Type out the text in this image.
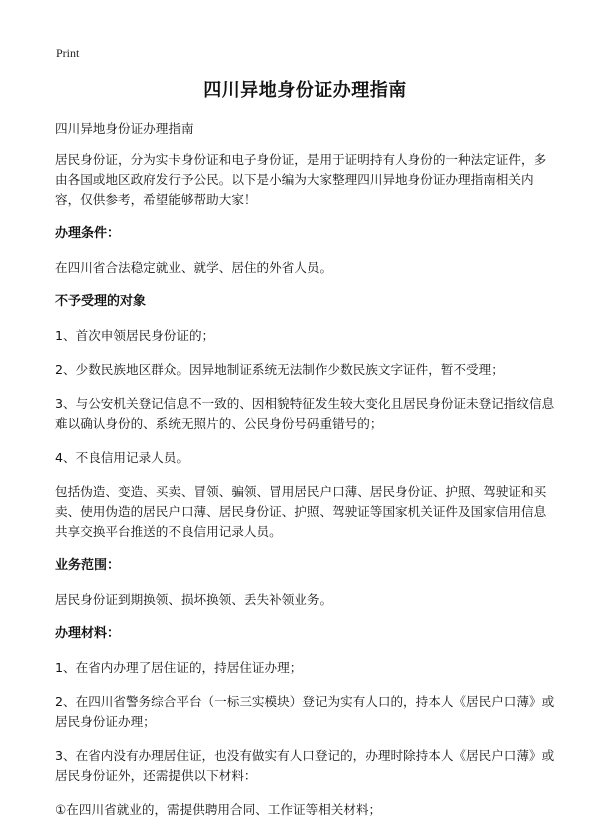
Print
四川异地身份证办理指南

四川异地身份证办理指南

居民身份证，分为实卡身份证和电子身份证，是用于证明持有人身份的一种法定证件，多由各国或地区政府发行予公民。以下是小编为大家整理四川异地身份证办理指南相关内容，仅供参考，希望能够帮助大家！

办理条件：

在四川省合法稳定就业、就学、居住的外省人员。

不予受理的对象

1、首次申领居民身份证的；

2、少数民族地区群众。因异地制证系统无法制作少数民族文字证件，暂不受理；

3、与公安机关登记信息不一致的、因相貌特征发生较大变化且居民身份证未登记指纹信息难以确认身份的、系统无照片的、公民身份号码重错号的；

4、不良信用记录人员。

包括伪造、变造、买卖、冒领、骗领、冒用居民户口薄、居民身份证、护照、驾驶证和买卖、使用伪造的居民户口薄、居民身份证、护照、驾驶证等国家机关证件及国家信用信息共享交换平台推送的不良信用记录人员。

业务范围：

居民身份证到期换领、损坏换领、丢失补领业务。

办理材料：

1、在省内办理了居住证的，持居住证办理；

2、在四川省警务综合平台（一标三实模块）登记为实有人口的，持本人《居民户口薄》或居民身份证办理；

3、在省内没有办理居住证，也没有做实有人口登记的，办理时除持本人《居民户口薄》或居民身份证外，还需提供以下材料：

①在四川省就业的，需提供聘用合同、工作证等相关材料；
